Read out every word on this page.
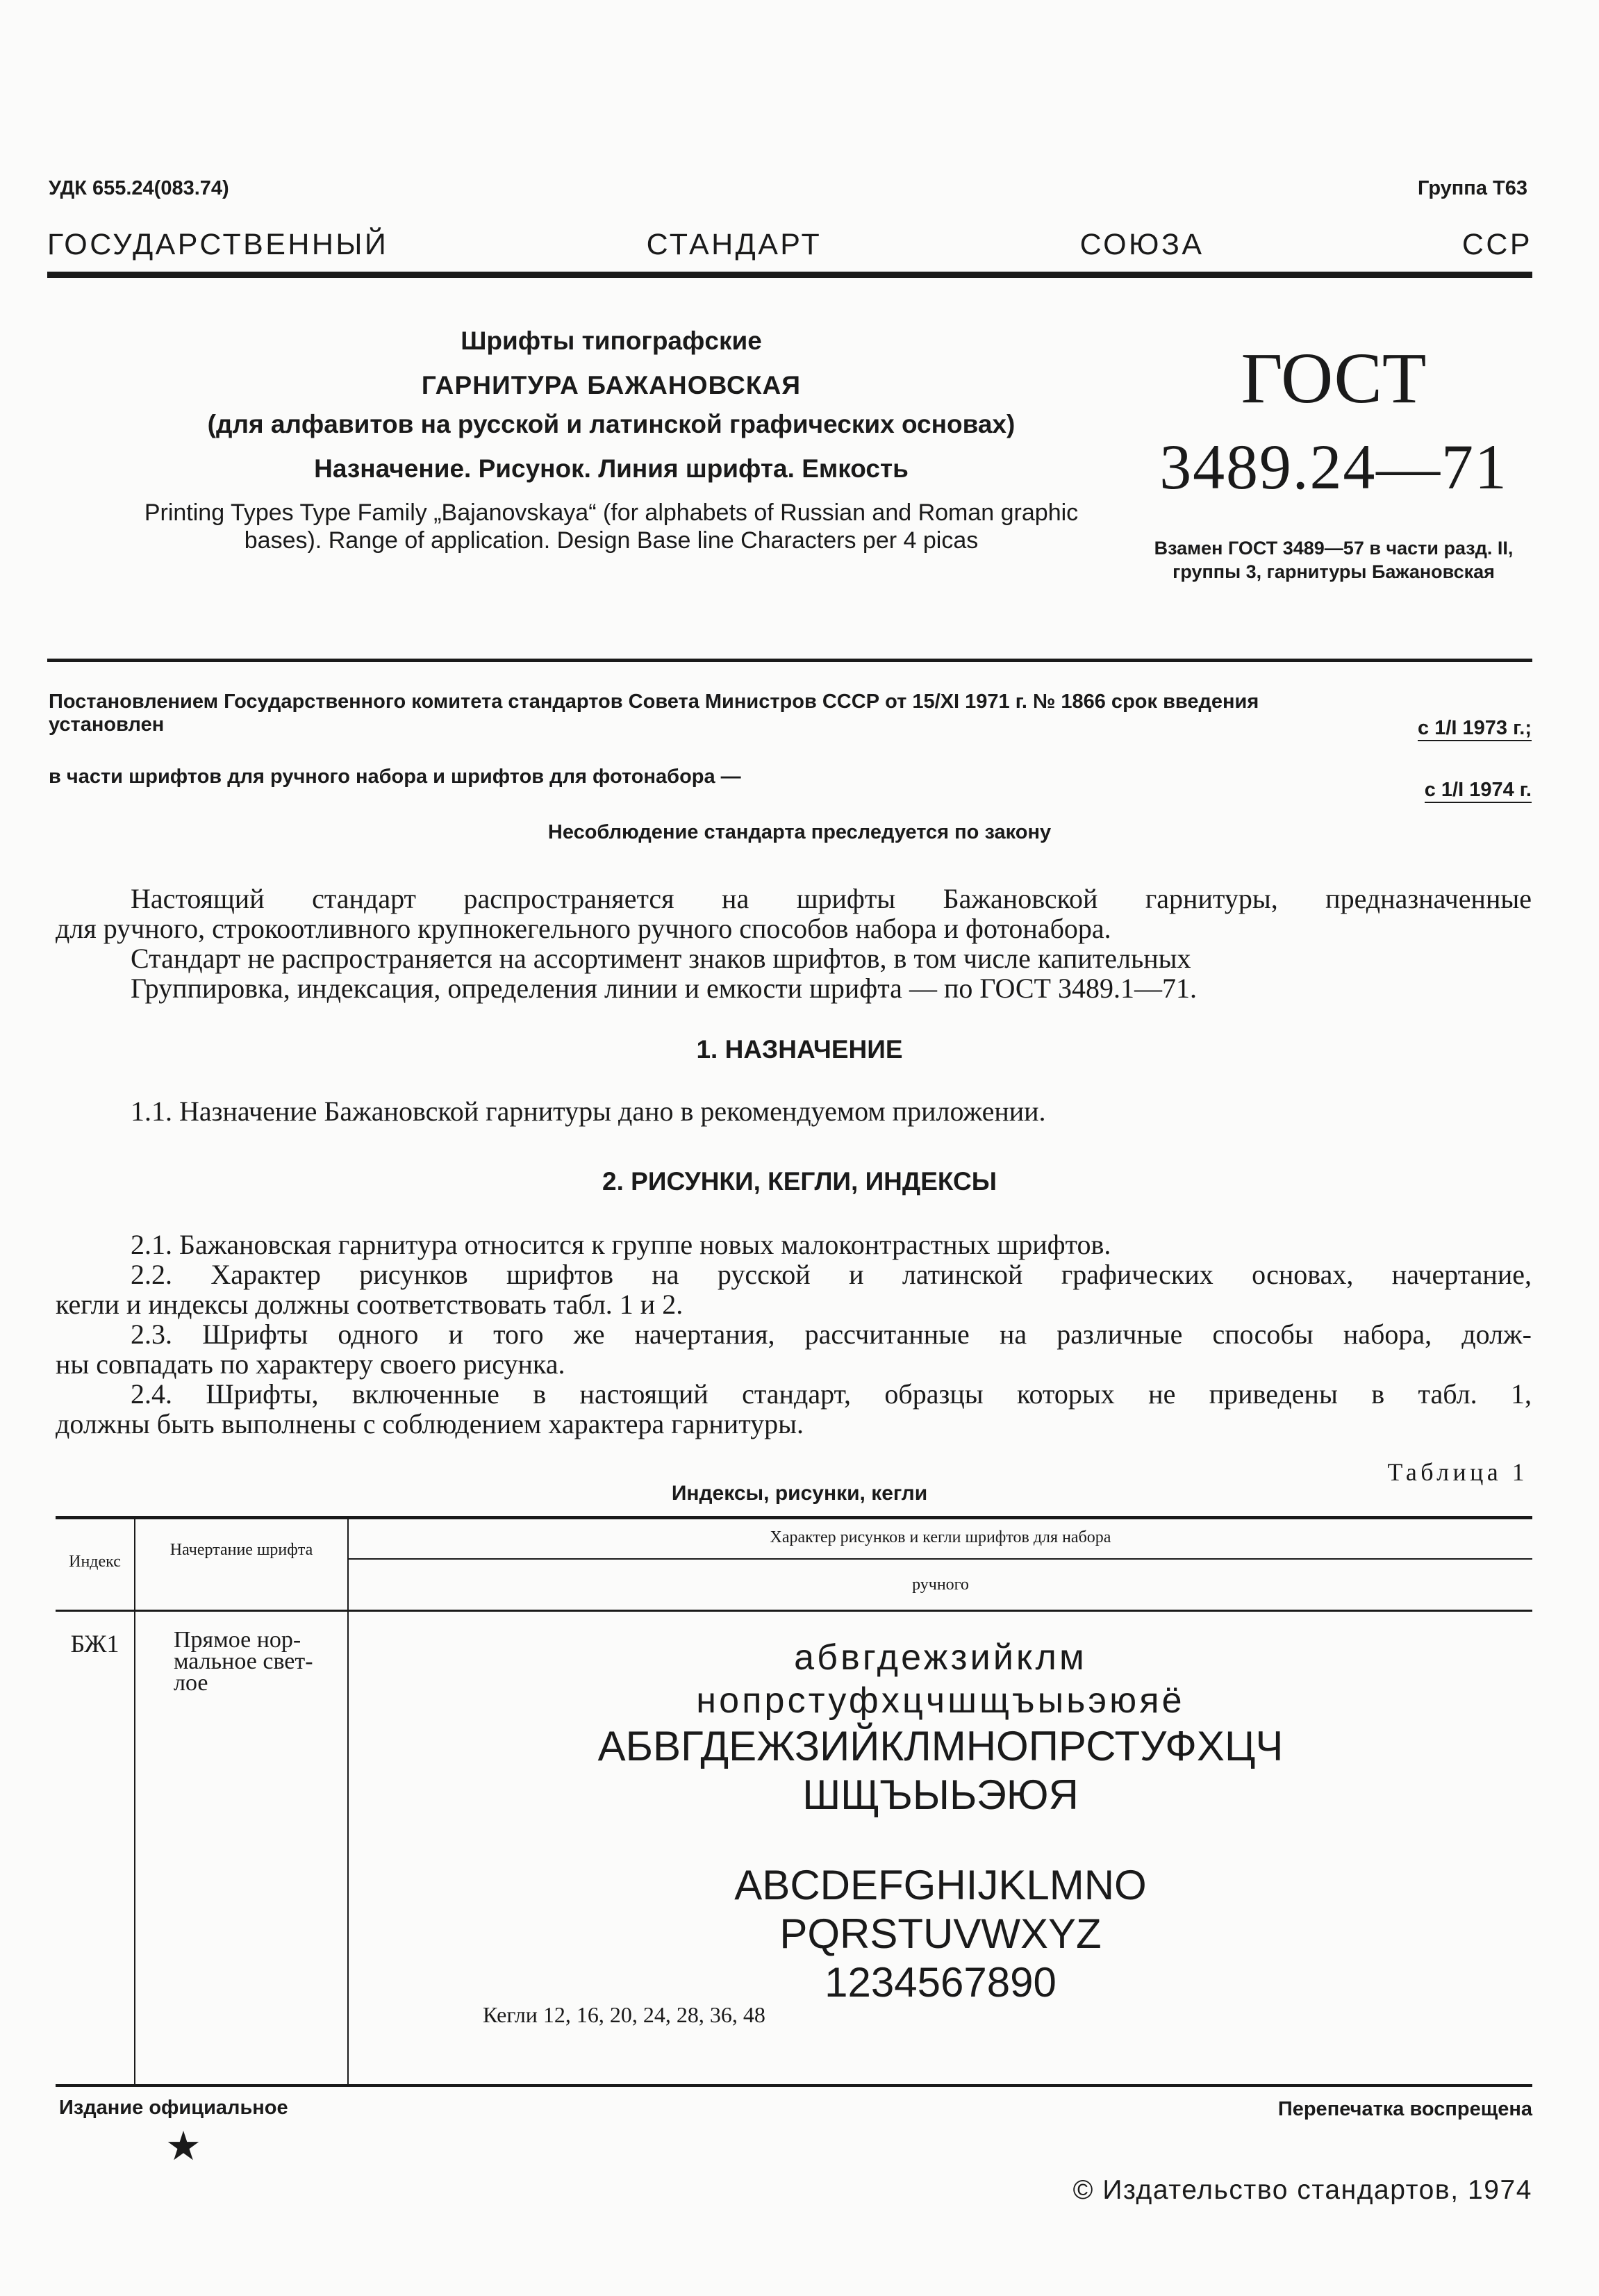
УДК 655.24(083.74)	Группа Т63
ГОСУДАРСТВЕННЫЙ	СТАНДАРТ	СОЮЗА	ССР
Шрифты типографские
ГАРНИТУРА БАЖАНОВСКАЯ
(для алфавитов на русской и латинской графических основах)
Назначение. Рисунок. Линия шрифта. Емкость
Printing Types Type Family „Bajanovskaya“ (for alphabets of Russian and Roman graphic bases). Range of application. Design Base line Characters per 4 picas
ГОСТ
3489.24—71
Взамен ГОСТ 3489—57 в части разд. II, группы 3, гарнитуры Бажановская
Постановлением Государственного комитета стандартов Совета Министров СССР от 15/XI 1971 г. № 1866 срок введения
установлен	с 1/I 1973 г.;
в части шрифтов для ручного набора и шрифтов для фотонабора —
с 1/I 1974 г.
Несоблюдение стандарта преследуется по закону
Настоящий стандарт распространяется на шрифты Бажановской гарнитуры, предназначенные
для ручного, строкоотливного крупнокегельного ручного способов набора и фотонабора.
Стандарт не распространяется на ассортимент знаков шрифтов, в том числе капительных
Группировка, индексация, определения линии и емкости шрифта — по ГОСТ 3489.1—71.
1. НАЗНАЧЕНИЕ
1.1. Назначение Бажановской гарнитуры дано в рекомендуемом приложении.
2. РИСУНКИ, КЕГЛИ, ИНДЕКСЫ
2.1. Бажановская гарнитура относится к группе новых малоконтрастных шрифтов.
2.2. Характер рисунков шрифтов на русской и латинской графических основах, начертание,
кегли и индексы должны соответствовать табл. 1 и 2.
2.3. Шрифты одного и того же начертания, рассчитанные на различные способы набора, долж-
ны совпадать по характеру своего рисунка.
2.4. Шрифты, включенные в настоящий стандарт, образцы которых не приведены в табл. 1,
должны быть выполнены с соблюдением характера гарнитуры.
Таблица 1
Индексы, рисунки, кегли
Индекс
Начертание шрифта
Характер рисунков и кегли шрифтов для набора
ручного
БЖ1	Прямое нор-мальное свет-лое
абвгдежзийклм
нопрстуфхцчшщъыьэюяё
АБВГДЕЖЗИЙКЛМНОПРСТУФХЦЧ
ШЩЪЫЬЭЮЯ
ABCDEFGHIJKLMNO
PQRSTUVWXYZ
1234567890
Кегли 12, 16, 20, 24, 28, 36, 48
Издание официальное
★
Перепечатка воспрещена
© Издательство стандартов, 1974
